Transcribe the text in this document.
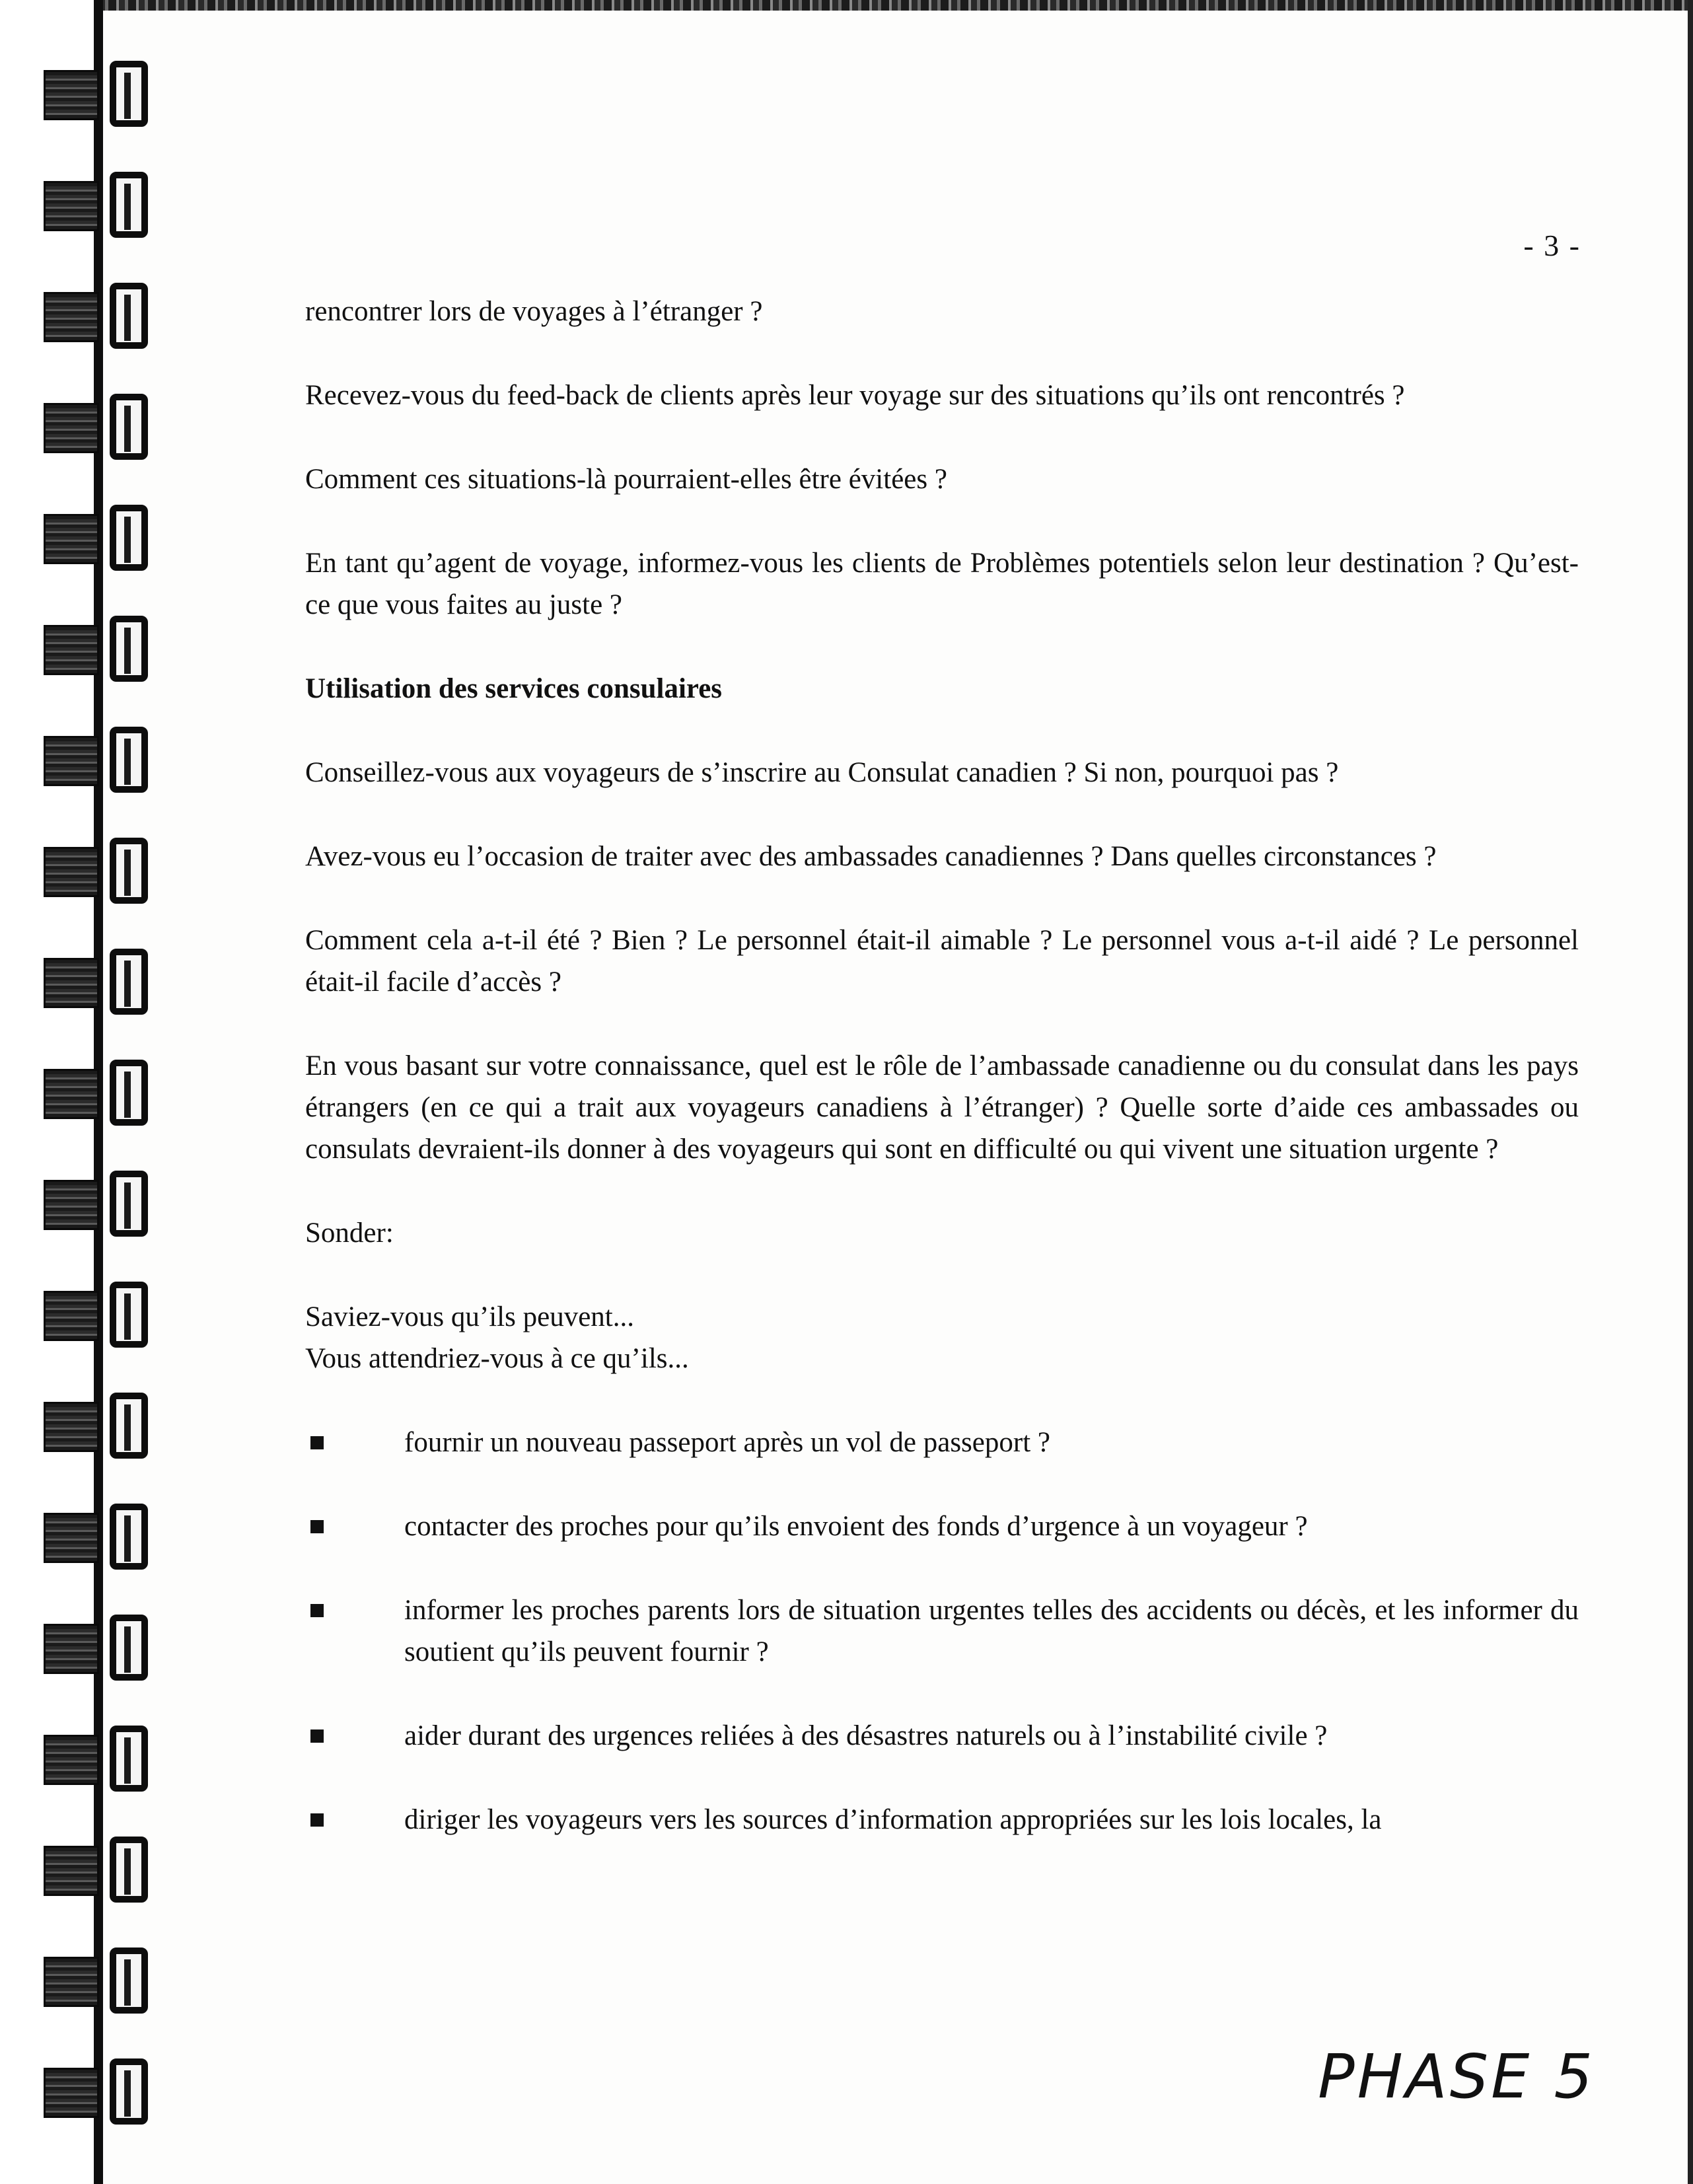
- 3 -

rencontrer lors de voyages à l’étranger ?

Recevez-vous du feed-back de clients après leur voyage sur des situations qu’ils ont rencontrés ?

Comment ces situations-là pourraient-elles être évitées ?

En tant qu’agent de voyage, informez-vous les clients de Problèmes potentiels selon leur destination ? Qu’est-ce que vous faites au juste ?

Utilisation des services consulaires

Conseillez-vous aux voyageurs de s’inscrire au Consulat canadien ? Si non, pourquoi pas ?

Avez-vous eu l’occasion de traiter avec des ambassades canadiennes ? Dans quelles circonstances ?

Comment cela a-t-il été ? Bien ? Le personnel était-il aimable ? Le personnel vous a-t-il aidé ? Le personnel était-il facile d’accès ?

En vous basant sur votre connaissance, quel est le rôle de l’ambassade canadienne ou du consulat dans les pays étrangers (en ce qui a trait aux voyageurs canadiens à l’étranger) ? Quelle sorte d’aide ces ambassades ou consulats devraient-ils donner à des voyageurs qui sont en difficulté ou qui vivent une situation urgente ?

Sonder:

Saviez-vous qu’ils peuvent...
Vous attendriez-vous à ce qu’ils...

fournir un nouveau passeport après un vol de passeport ?
contacter des proches pour qu’ils envoient des fonds d’urgence à un voyageur ?
informer les proches parents lors de situation urgentes telles des accidents ou décès, et les informer du soutient qu’ils peuvent fournir ?
aider durant des urgences reliées à des désastres naturels ou à l’instabilité civile ?
diriger les voyageurs vers les sources d’information appropriées sur les lois locales, la
PHASE 5
